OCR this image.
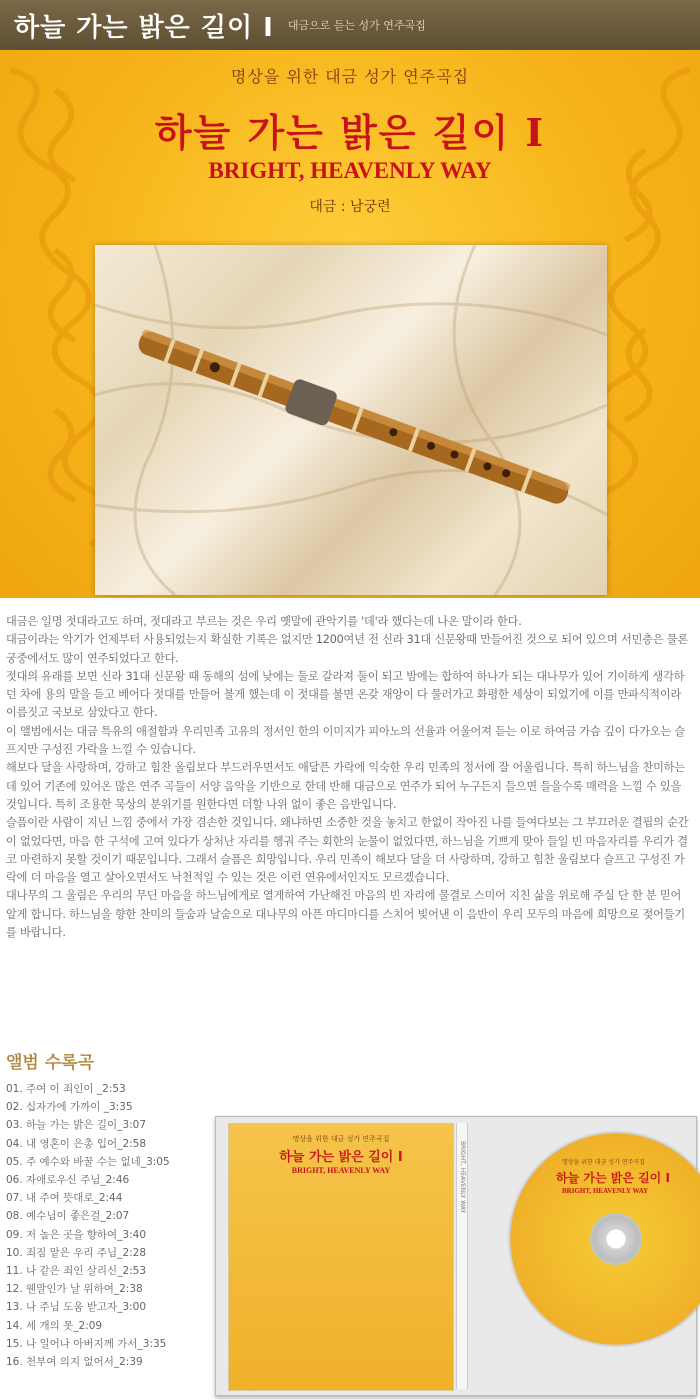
하늘 가는 밝은 길이 I 대금으로 듣는 성가 연주곡집
명상을 위한 대금 성가 연주곡집
하늘 가는 밝은 길이 Ⅰ
BRIGHT, HEAVENLY WAY
대금 : 남궁련

대금은 일명 젓대라고도 하며, 젓대라고 부르는 것은 우리 옛말에 관악기를 '데'라 했다는데 나온 말이라 한다.

대금이라는 악기가 언제부터 사용되었는지 확실한 기록은 없지만 1200여년 전 신라 31대 신문왕때 만들어진 것으로 되어 있으며 서민층은 물론 궁중에서도 많이 연주되었다고 한다.

젓대의 유래를 보면 신라 31대 신문왕 때 동해의 섬에 낮에는 둘로 갈라져 둘이 되고 밤에는 합하여 하나가 되는 대나무가 있어 기이하게 생각하던 차에 용의 말을 듣고 베어다 젓대를 만들어 불게 했는데 이 젓대를 불면 온갖 재앙이 다 물러가고 화평한 세상이 되었기에 이를 만파식적이라 이름짓고 국보로 삼았다고 한다.

이 앨범에서는 대금 특유의 애절함과 우리민족 고유의 정서인 한의 이미지가 피아노의 선율과 어울어져 듣는 이로 하여금 가슴 깊이 다가오는 슬프지만 구성진 가락을 느낄 수 있습니다.

해보다 달을 사랑하며, 강하고 힘찬 울림보다 부드러우면서도 애달픈 가락에 익숙한 우리 민족의 정서에 잘 어울립니다. 특히 하느님을 찬미하는데 있어 기존에 있어온 많은 연주 곡들이 서양 음악을 기반으로 한데 반해 대금으로 연주가 되어 누구든지 들으면 들을수록 매력을 느낄 수 있을 것입니다. 특히 조용한 묵상의 분위기를 원한다면 더할 나위 없이 좋은 음반입니다.

슬픔이란 사람이 지닌 느낌 중에서 가장 겸손한 것입니다. 왜냐하면 소중한 것을 놓치고 한없이 작아진 나를 들여다보는 그 부끄러운 결핍의 순간이 없었다면, 마음 한 구석에 고여 있다가 상처난 자리를 헹궈 주는 회한의 눈물이 없었다면, 하느님을 기쁘게 맞아 들일 빈 마음자리를 우리가 결코 마련하지 못할 것이기 때문입니다. 그래서 슬픔은 희망입니다. 우리 민족이 해보다 달을 더 사랑하며, 강하고 힘찬 울림보다 슬프고 구성진 가락에 더 마음을 열고 살아오면서도 낙천적일 수 있는 것은 이런 연유에서인지도 모르겠습니다.

대나무의 그 울림은 우리의 무딘 마음을 하느님에게로 열게하여 가난해진 마음의 빈 자리에 물결로 스미어 지친 삶을 위로해 주실 단 한 분 믿어 알게 합니다. 하느님을 향한 찬미의 들숨과 날숨으로 대나무의 아픈 마디마디를 스치어 빚어낸 이 음반이 우리 모두의 마음에 희망으로 젖어들기를 바랍니다.

앨범 수록곡
01. 주여 이 죄인이 _2:53
02. 십자가에 가까이 _3:35
03. 하늘 가는 밝은 길이_3:07
04. 내 영혼이 은총 입어_2:58
05. 주 예수와 바꿀 수는 없네_3:05
06. 자애로우신 주님_2:46
07. 내 주여 뜻대로_2:44
08. 예수님이 좋은걸_2:07
09. 저 높은 곳을 향하여_3:40
10. 죄짐 맡은 우리 주님_2:28
11. 나 같은 죄인 살리신_2:53
12. 웬말인가 날 위하여_2:38
13. 나 주님 도움 받고자_3:00
14. 세 개의 못_2:09
15. 나 일어나 아버지께 가서_3:35
16. 천부여 의지 없어서_2:39
명상을 위한 대금 성가 연주곡집
하늘 가는 밝은 길이 I
BRIGHT, HEAVENLY WAY	BRIGHT, HEAVENLY WAY	명상을 위한 대금 성가 연주곡집
하늘 가는 밝은 길이 I
BRIGHT, HEAVENLY WAY
